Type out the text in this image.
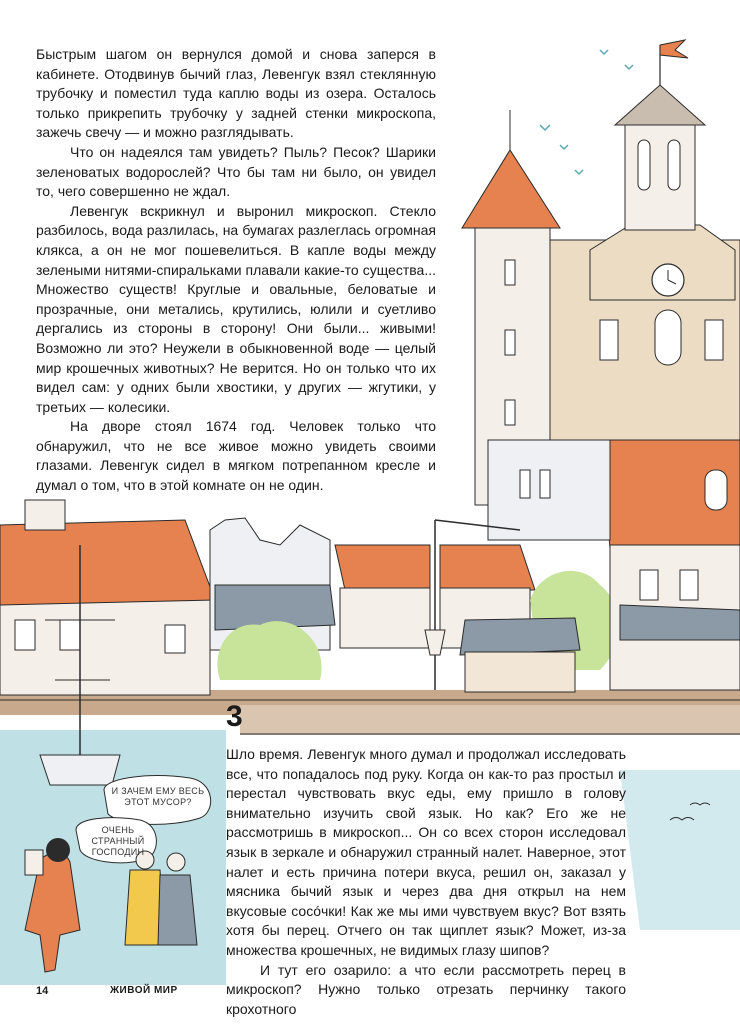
Быстрым шагом он вернулся домой и снова заперся в кабинете. Отодвинув бычий глаз, Левенгук взял стеклянную трубочку и поместил туда каплю воды из озера. Осталось только прикрепить трубочку у задней стенки микроскопа, зажечь свечу — и можно разглядывать.

Что он надеялся там увидеть? Пыль? Песок? Шарики зеленоватых водорослей? Что бы там ни было, он увидел то, чего совершенно не ждал.

Левенгук вскрикнул и выронил микроскоп. Стекло разбилось, вода разлилась, на бумагах разлеглась огромная клякса, а он не мог пошевелиться. В капле воды между зелеными нитями-спиральками плавали какие-то существа... Множество существ! Круглые и овальные, беловатые и прозрачные, они метались, крутились, юлили и суетливо дергались из стороны в сторону! Они были... живыми! Возможно ли это? Неужели в обыкновенной воде — целый мир крошечных животных? Не верится. Но он только что их видел сам: у одних были хвостики, у других — жгутики, у третьих — колесики.

На дворе стоял 1674 год. Человек только что обнаружил, что не все живое можно увидеть своими глазами. Левенгук сидел в мягком потрепанном кресле и думал о том, что в этой комнате он не один.

3

Шло время. Левенгук много думал и продолжал исследовать все, что попадалось под руку. Когда он как-то раз простыл и перестал чувствовать вкус еды, ему пришло в голову внимательно изучить свой язык. Но как? Его же не рассмотришь в микроскоп... Он со всех сторон исследовал язык в зеркале и обнаружил странный налет. Наверное, этот налет и есть причина потери вкуса, решил он, заказал у мясника бычий язык и через два дня открыл на нем вкусовые сосóчки! Как же мы ими чувствуем вкус? Вот взять хотя бы перец. Отчего он так щиплет язык? Может, из-за множества крошечных, не видимых глазу шипов?

И тут его озарило: а что если рассмотреть перец в микроскоп? Нужно только отрезать перчинку такого крохотного

И ЗАЧЕМ ЕМУ ВЕСЬ ЭТОТ МУСОР?
ОЧЕНЬ СТРАННЫЙ ГОСПОДИН
14	ЖИВОЙ МИР
